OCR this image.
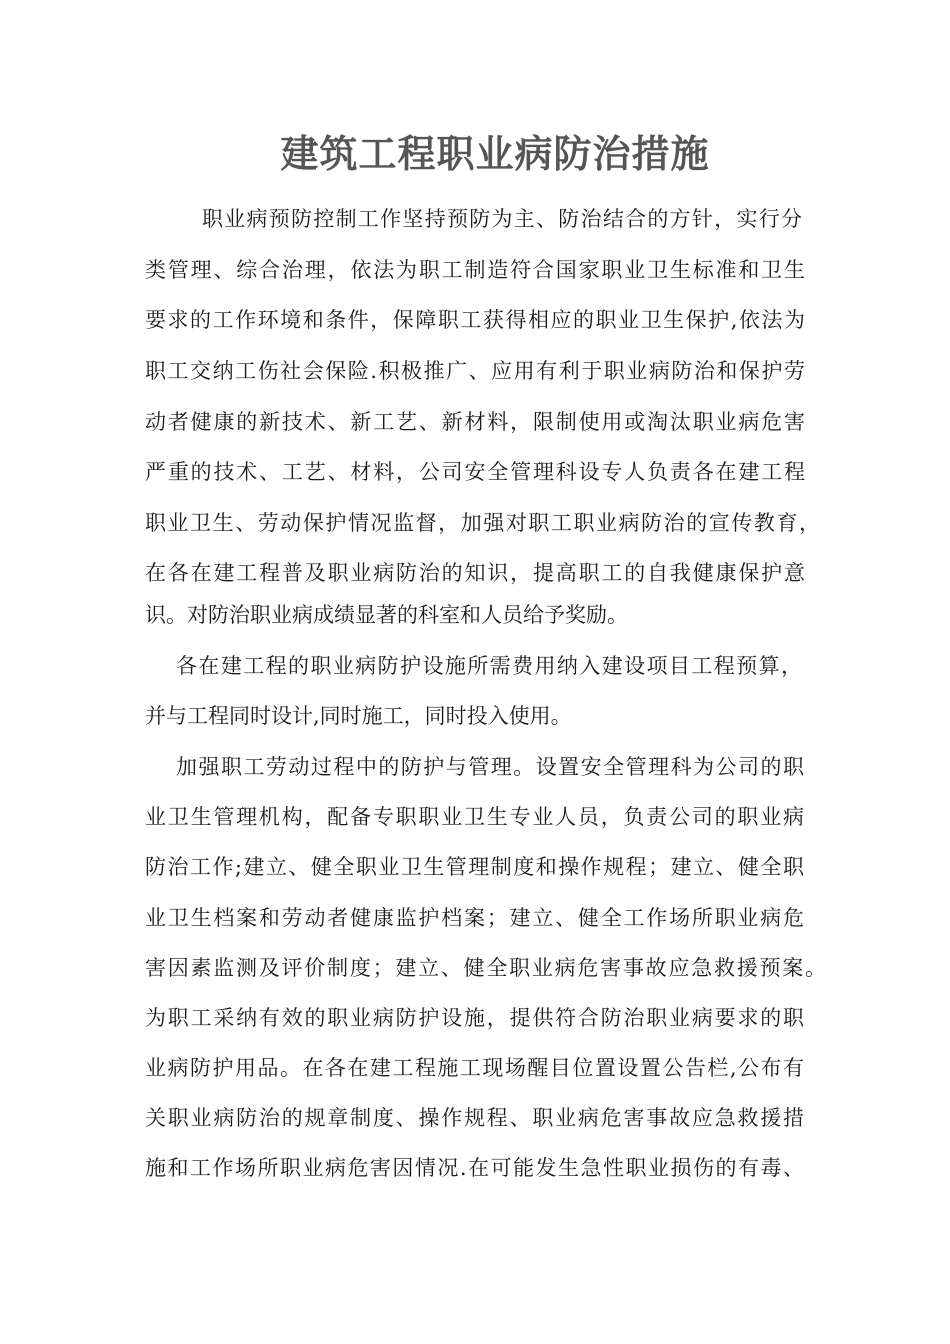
建筑工程职业病防治措施
职业病预防控制工作坚持预防为主、防治结合的方针，实行分
类管理、综合治理，依法为职工制造符合国家职业卫生标准和卫生
要求的工作环境和条件，保障职工获得相应的职业卫生保护,依法为
职工交纳工伤社会保险.积极推广、应用有利于职业病防治和保护劳
动者健康的新技术、新工艺、新材料，限制使用或淘汰职业病危害
严重的技术、工艺、材料，公司安全管理科设专人负责各在建工程
职业卫生、劳动保护情况监督，加强对职工职业病防治的宣传教育，
在各在建工程普及职业病防治的知识，提高职工的自我健康保护意
识。对防治职业病成绩显著的科室和人员给予奖励。
各在建工程的职业病防护设施所需费用纳入建设项目工程预算，
并与工程同时设计,同时施工，同时投入使用。
加强职工劳动过程中的防护与管理。设置安全管理科为公司的职
业卫生管理机构，配备专职职业卫生专业人员，负责公司的职业病
防治工作;建立、健全职业卫生管理制度和操作规程；建立、健全职
业卫生档案和劳动者健康监护档案；建立、健全工作场所职业病危
害因素监测及评价制度；建立、健全职业病危害事故应急救援预案。
为职工采纳有效的职业病防护设施，提供符合防治职业病要求的职
业病防护用品。在各在建工程施工现场醒目位置设置公告栏,公布有
关职业病防治的规章制度、操作规程、职业病危害事故应急救援措
施和工作场所职业病危害因情况.在可能发生急性职业损伤的有毒、
